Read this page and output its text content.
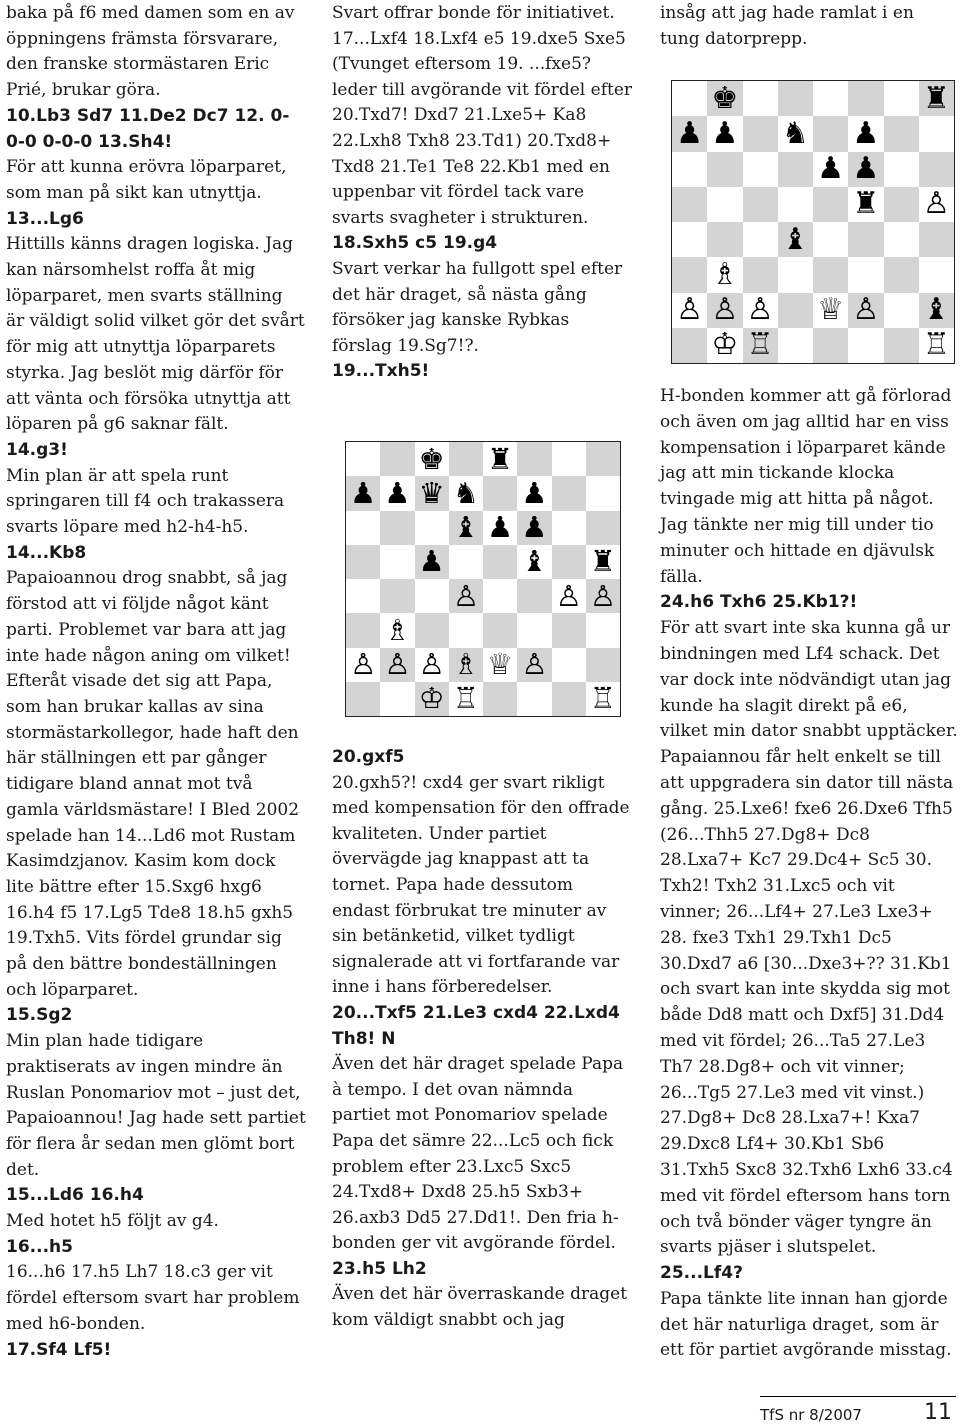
baka på f6 med damen som en av öppningens främsta försvarare, den franske stormästaren Eric Prié, brukar göra.

10.Lb3 Sd7 11.De2 Dc7 12. 0-0-0 0-0-0 13.Sh4!

För att kunna erövra löparparet, som man på sikt kan utnyttja.

13...Lg6

Hittills känns dragen logiska. Jag kan närsomhelst roffa åt mig löparparet, men svarts ställning är väldigt solid vilket gör det svårt för mig att utnyttja löparparets styrka. Jag beslöt mig därför för att vänta och försöka utnyttja att löparen på g6 saknar fält.

14.g3!

Min plan är att spela runt springaren till f4 och trakassera svarts löpare med h2-h4-h5.

14...Kb8

Papaioannou drog snabbt, så jag förstod att vi följde något känt parti. Problemet var bara att jag inte hade någon aning om vilket! Efteråt visade det sig att Papa, som han brukar kallas av sina stormästarkollegor, hade haft den här ställningen ett par gånger tidigare bland annat mot två gamla världsmästare! I Bled 2002 spelade han 14...Ld6 mot Rustam Kasimdzjanov. Kasim kom dock lite bättre efter 15.Sxg6 hxg6 16.h4 f5 17.Lg5 Tde8 18.h5 gxh5 19.Txh5. Vits fördel grundar sig på den bättre bondeställningen och löparparet.

15.Sg2

Min plan hade tidigare praktiserats av ingen mindre än Ruslan Ponomariov mot – just det, Papaioannou! Jag hade sett partiet för flera år sedan men glömt bort det.

15...Ld6 16.h4

Med hotet h5 följt av g4.

16...h5

16...h6 17.h5 Lh7 18.c3 ger vit fördel eftersom svart har problem med h6-bonden.

17.Sf4 Lf5!

Svart offrar bonde för initiativet. 17...Lxf4 18.Lxf4 e5 19.dxe5 Sxe5 (Tvunget eftersom 19. ...fxe5? leder till avgörande vit fördel efter 20.Txd7! Dxd7 21.Lxe5+ Ka8 22.Lxh8 Txh8 23.Td1) 20.Txd8+ Txd8 21.Te1 Te8 22.Kb1 med en uppenbar vit fördel tack vare svarts svagheter i strukturen.

18.Sxh5 c5 19.g4

Svart verkar ha fullgott spel efter det här draget, så nästa gång försöker jag kanske Rybkas förslag 19.Sg7!?.

19...Txh5!

20.gxf5

20.gxh5?! cxd4 ger svart rikligt med kompensation för den offrade kvaliteten. Under partiet övervägde jag knappast att ta tornet. Papa hade dessutom endast förbrukat tre minuter av sin betänketid, vilket tydligt signalerade att vi fortfarande var inne i hans förberedelser.

20...Txf5 21.Le3 cxd4 22.Lxd4 Th8! N

Även det här draget spelade Papa à tempo. I det ovan nämnda partiet mot Ponomariov spelade Papa det sämre 22...Lc5 och fick problem efter 23.Lxc5 Sxc5 24.Txd8+ Dxd8 25.h5 Sxb3+ 26.axb3 Dd5 27.Dd1!. Den fria h-bonden ger vit avgörande fördel.

23.h5 Lh2

Även det här överraskande draget kom väldigt snabbt och jag

insåg att jag hade ramlat i en tung datorprepp.

H-bonden kommer att gå förlorad och även om jag alltid har en viss kompensation i löparparet kände jag att min tickande klocka tvingade mig att hitta på något. Jag tänkte ner mig till under tio minuter och hittade en djävulsk fälla.

24.h6 Txh6 25.Kb1?!

För att svart inte ska kunna gå ur bindningen med Lf4 schack. Det var dock inte nödvändigt utan jag kunde ha slagit direkt på e6, vilket min dator snabbt upptäcker. Papaiannou får helt enkelt se till att uppgradera sin dator till nästa gång. 25.Lxe6! fxe6 26.Dxe6 Tfh5 (26...Thh5 27.Dg8+ Dc8 28.Lxa7+ Kc7 29.Dc4+ Sc5 30. Txh2! Txh2 31.Lxc5 och vit vinner; 26...Lf4+ 27.Le3 Lxe3+ 28. fxe3 Txh1 29.Txh1 Dc5 30.Dxd7 a6 [30...Dxe3+?? 31.Kb1 och svart kan inte skydda sig mot både Dd8 matt och Dxf5] 31.Dd4 med vit fördel; 26...Ta5 27.Le3 Th7 28.Dg8+ och vit vinner; 26...Tg5 27.Le3 med vit vinst.) 27.Dg8+ Dc8 28.Lxa7+! Kxa7 29.Dxc8 Lf4+ 30.Kb1 Sb6 31.Txh5 Sxc8 32.Txh6 Lxh6 33.c4 med vit fördel eftersom hans torn och två bönder väger tyngre än svarts pjäser i slutspelet.

25...Lf4?

Papa tänkte lite innan han gjorde det här naturliga draget, som är ett för partiet avgörande misstag.

♚ ♜
♟ ♟ ♛ ♞ ♟
♝ ♟ ♟
♟	♝ ♜
♙	♙ ♙
♗
♙ ♙ ♙ ♗ ♕ ♙
♔ ♖	♖
♚	♜
♟ ♟ ♞ ♟
♟ ♟
♜ ♙
♝
♗
♙ ♙ ♙ ♕ ♙ ♝
♔ ♖	♖
TfS nr 8/2007	11
